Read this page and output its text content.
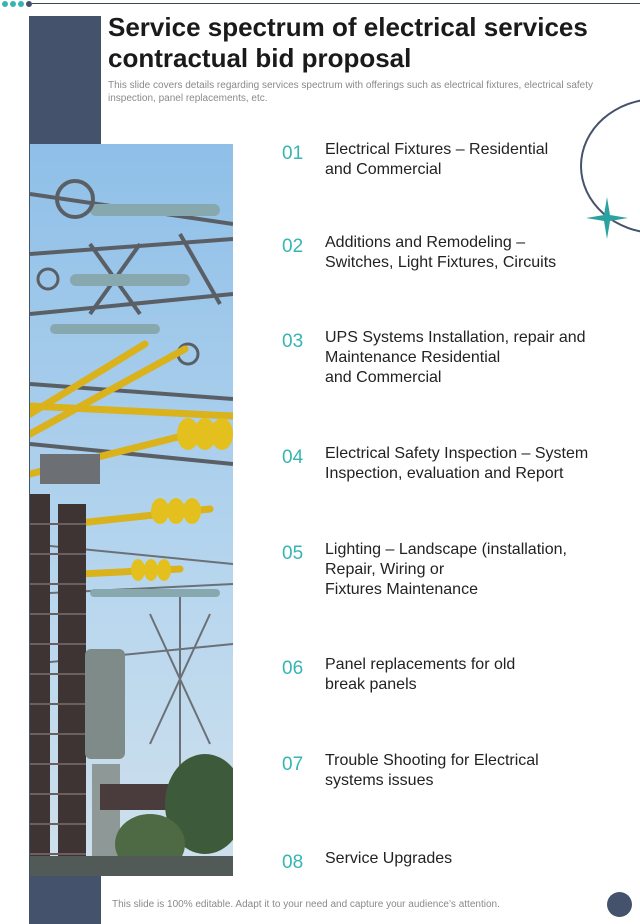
Service spectrum of electrical services contractual bid proposal

This slide covers details regarding services spectrum with offerings such as electrical fixtures, electrical safety inspection, panel replacements, etc.

01	Electrical Fixtures – Residential
and Commercial
02	Additions and Remodeling –
Switches, Light Fixtures, Circuits
03	UPS Systems Installation, repair and
Maintenance Residential
and Commercial
04	Electrical Safety Inspection – System
Inspection, evaluation and Report
05	Lighting – Landscape (installation,
Repair, Wiring or
Fixtures Maintenance
06	Panel replacements for old
break panels
07	Trouble Shooting for Electrical
systems issues
08	Service Upgrades
This slide is 100% editable. Adapt it to your need and capture your audience’s attention.
